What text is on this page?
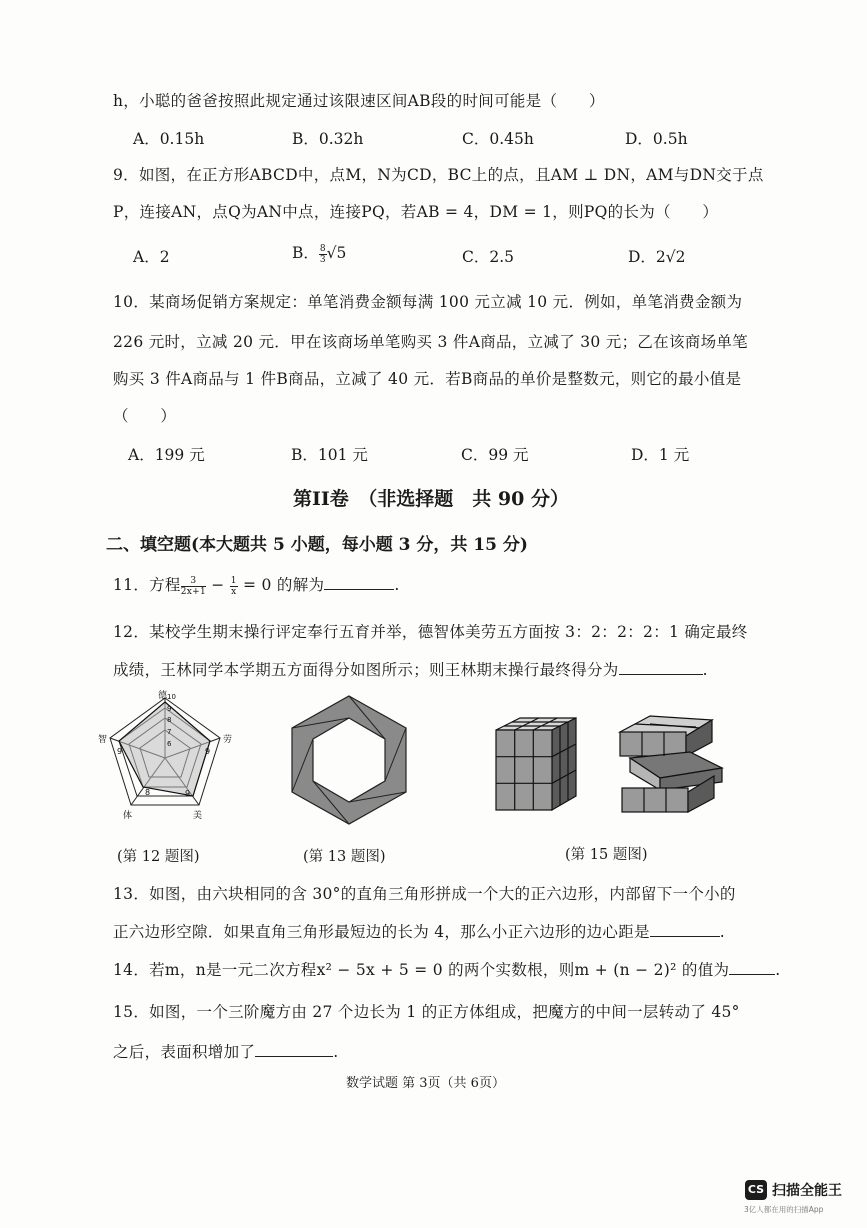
h，小聪的爸爸按照此规定通过该限速区间AB段的时间可能是（　　）
A．0.15h	B．0.32h	C．0.45h	D．0.5h
9．如图，在正方形ABCD中，点M，N为CD，BC上的点，且AM ⊥ DN，AM与DN交于点
P，连接AN，点Q为AN中点，连接PQ，若AB = 4，DM = 1，则PQ的长为（　　）
A．2	B． $\frac{8}{3} √5$	C．2.5	D．2√2
10．某商场促销方案规定：单笔消费金额每满 100 元立减 10 元．例如，单笔消费金额为
226 元时，立减 20 元．甲在该商场单笔购买 3 件A商品，立减了 30 元；乙在该商场单笔
购买 3 件A商品与 1 件B商品，立减了 40 元．若B商品的单价是整数元，则它的最小值是
（　　）
A．199 元	B．101 元	C．99 元	D．1 元
第II卷　（非选择题　共 90 分）
二、填空题(本大题共 5 小题，每小题 3 分，共 15 分)
11．方程 $\frac{3}{2x+1} - \frac{1}{x} = 0$ 的解为	.
12．某校学生期末操行评定奉行五育并举，德智体美劳五方面按 3：2：2：2：1 确定最终
成绩，王林同学本学期五方面得分如图所示；则王林期末操行最终得分为	.
德 10
9
8
7
6	劳
9
美
9
体
8
智
9
(第 12 题图)	(第 13 题图)	(第 15 题图)
13．如图，由六块相同的含 30°的直角三角形拼成一个大的正六边形，内部留下一个小的
正六边形空隙．如果直角三角形最短边的长为 4，那么小正六边形的边心距是	.
14．若m，n是一元二次方程x² − 5x + 5 = 0 的两个实数根，则m + (n − 2)² 的值为	.
15．如图，一个三阶魔方由 27 个边长为 1 的正方体组成，把魔方的中间一层转动了 45°
之后，表面积增加了	.
数学试题 第 3页（共 6页）
CS 扫描全能王
3亿人都在用的扫描App
